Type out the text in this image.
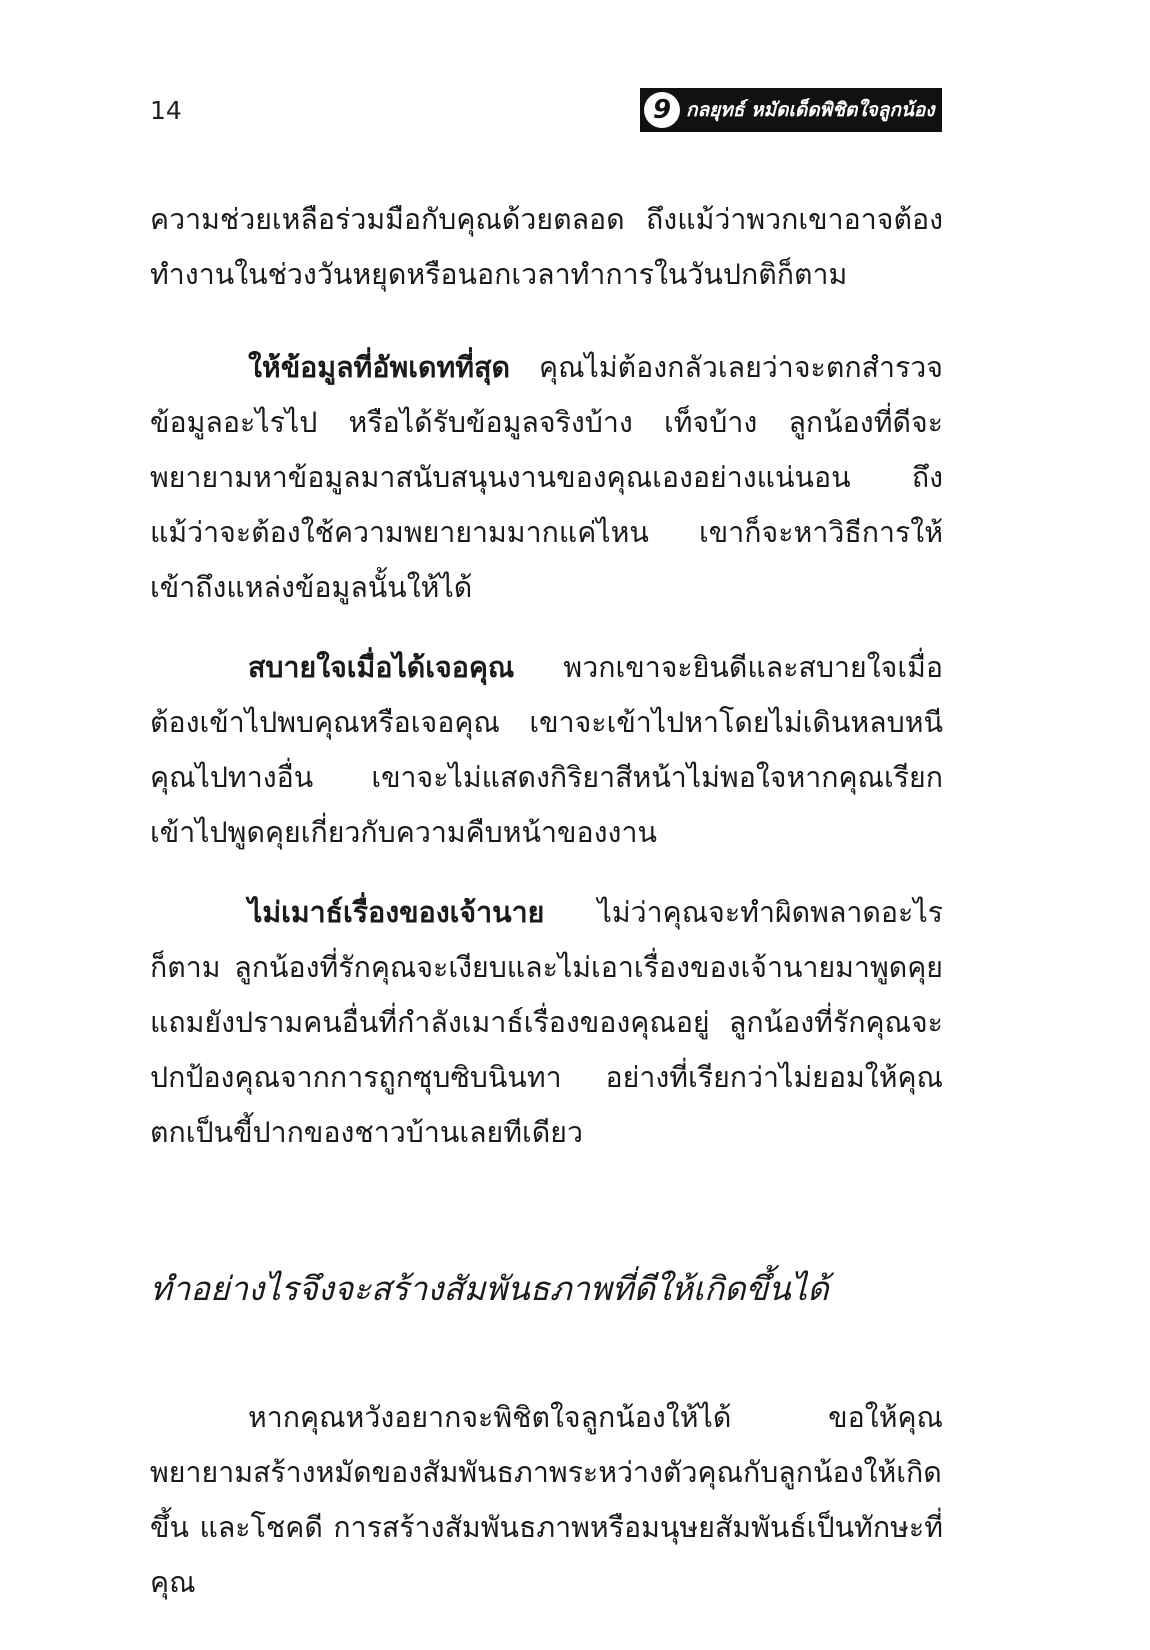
14	9 กลยุทธ์ หมัดเด็ดพิชิตใจลูกน้อง

ความช่วยเหลือร่วมมือกับคุณด้วยตลอด ถึงแม้ว่าพวกเขาอาจต้องทำงานในช่วงวันหยุดหรือนอกเวลาทำการในวันปกติก็ตาม

ให้ข้อมูลที่อัพเดทที่สุด คุณไม่ต้องกลัวเลยว่าจะตกสำรวจข้อมูลอะไรไป หรือได้รับข้อมูลจริงบ้าง เท็จบ้าง ลูกน้องที่ดีจะพยายามหาข้อมูลมาสนับสนุนงานของคุณเองอย่างแน่นอน ถึงแม้ว่าจะต้องใช้ความพยายามมากแค่ไหน เขาก็จะหาวิธีการให้เข้าถึงแหล่งข้อมูลนั้นให้ได้

สบายใจเมื่อได้เจอคุณ พวกเขาจะยินดีและสบายใจเมื่อต้องเข้าไปพบคุณหรือเจอคุณ เขาจะเข้าไปหาโดยไม่เดินหลบหนีคุณไปทางอื่น เขาจะไม่แสดงกิริยาสีหน้าไม่พอใจหากคุณเรียกเข้าไปพูดคุยเกี่ยวกับความคืบหน้าของงาน

ไม่เมาธ์เรื่องของเจ้านาย ไม่ว่าคุณจะทำผิดพลาดอะไรก็ตาม ลูกน้องที่รักคุณจะเงียบและไม่เอาเรื่องของเจ้านายมาพูดคุย แถมยังปรามคนอื่นที่กำลังเมาธ์เรื่องของคุณอยู่ ลูกน้องที่รักคุณจะปกป้องคุณจากการถูกซุบซิบนินทา อย่างที่เรียกว่าไม่ยอมให้คุณตกเป็นขี้ปากของชาวบ้านเลยทีเดียว

ทำอย่างไรจึงจะสร้างสัมพันธภาพที่ดีให้เกิดขึ้นได้

หากคุณหวังอยากจะพิชิตใจลูกน้องให้ได้ ขอให้คุณพยายามสร้างหมัดของสัมพันธภาพระหว่างตัวคุณกับลูกน้องให้เกิดขึ้น และโชคดี การสร้างสัมพันธภาพหรือมนุษยสัมพันธ์เป็นทักษะที่คุณ
